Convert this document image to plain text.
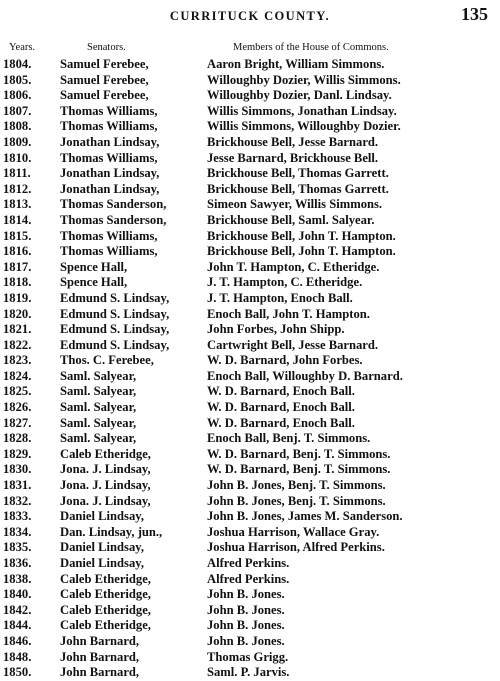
CURRITUCK COUNTY.	135
Years.	Senators.	Members of the House of Commons.
1804.	Samuel Ferebee,	Aaron Bright, William Simmons.
1805.	Samuel Ferebee,	Willoughby Dozier, Willis Simmons.
1806.	Samuel Ferebee,	Willoughby Dozier, Danl. Lindsay.
1807.	Thomas Williams,	Willis Simmons, Jonathan Lindsay.
1808.	Thomas Williams,	Willis Simmons, Willoughby Dozier.
1809.	Jonathan Lindsay,	Brickhouse Bell, Jesse Barnard.
1810.	Thomas Williams,	Jesse Barnard, Brickhouse Bell.
1811.	Jonathan Lindsay,	Brickhouse Bell, Thomas Garrett.
1812.	Jonathan Lindsay,	Brickhouse Bell, Thomas Garrett.
1813.	Thomas Sanderson,	Simeon Sawyer, Willis Simmons.
1814.	Thomas Sanderson,	Brickhouse Bell, Saml. Salyear.
1815.	Thomas Williams,	Brickhouse Bell, John T. Hampton.
1816.	Thomas Williams,	Brickhouse Bell, John T. Hampton.
1817.	Spence Hall,	John T. Hampton, C. Etheridge.
1818.	Spence Hall,	J. T. Hampton, C. Etheridge.
1819.	Edmund S. Lindsay,	J. T. Hampton, Enoch Ball.
1820.	Edmund S. Lindsay,	Enoch Ball, John T. Hampton.
1821.	Edmund S. Lindsay,	John Forbes, John Shipp.
1822.	Edmund S. Lindsay,	Cartwright Bell, Jesse Barnard.
1823.	Thos. C. Ferebee,	W. D. Barnard, John Forbes.
1824.	Saml. Salyear,	Enoch Ball, Willoughby D. Barnard.
1825.	Saml. Salyear,	W. D. Barnard, Enoch Ball.
1826.	Saml. Salyear,	W. D. Barnard, Enoch Ball.
1827.	Saml. Salyear,	W. D. Barnard, Enoch Ball.
1828.	Saml. Salyear,	Enoch Ball, Benj. T. Simmons.
1829.	Caleb Etheridge,	W. D. Barnard, Benj. T. Simmons.
1830.	Jona. J. Lindsay,	W. D. Barnard, Benj. T. Simmons.
1831.	Jona. J. Lindsay,	John B. Jones, Benj. T. Simmons.
1832.	Jona. J. Lindsay,	John B. Jones, Benj. T. Simmons.
1833.	Daniel Lindsay,	John B. Jones, James M. Sanderson.
1834.	Dan. Lindsay, jun.,	Joshua Harrison, Wallace Gray.
1835.	Daniel Lindsay,	Joshua Harrison, Alfred Perkins.
1836.	Daniel Lindsay,	Alfred Perkins.
1838.	Caleb Etheridge,	Alfred Perkins.
1840.	Caleb Etheridge,	John B. Jones.
1842.	Caleb Etheridge,	John B. Jones.
1844.	Caleb Etheridge,	John B. Jones.
1846.	John Barnard,	John B. Jones.
1848.	John Barnard,	Thomas Grigg.
1850.	John Barnard,	Saml. P. Jarvis.
